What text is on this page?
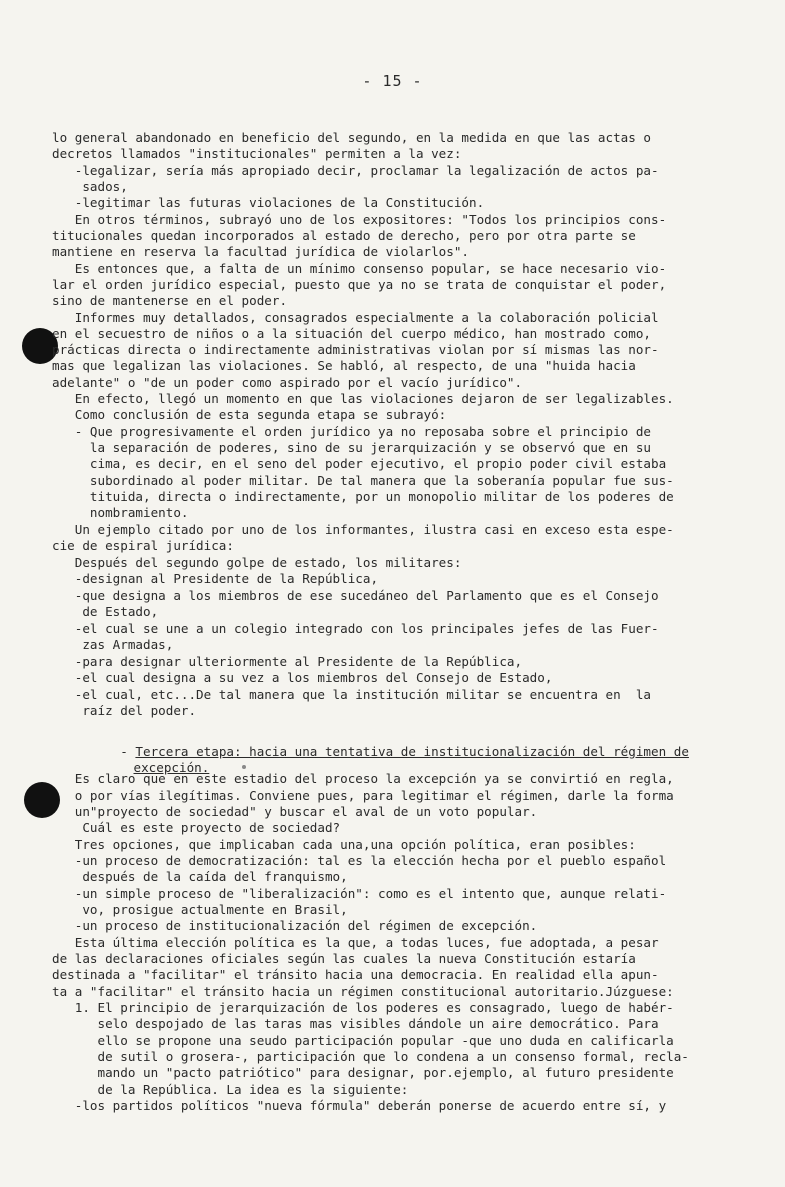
- 15 -
lo general abandonado en beneficio del segundo, en la medida en que las actas o
decretos llamados "institucionales" permiten a la vez:
-legalizar, sería más apropiado decir, proclamar la legalización de actos pa-
sados,
-legitimar las futuras violaciones de la Constitución.
En otros términos, subrayó uno de los expositores: "Todos los principios cons-
titucionales quedan incorporados al estado de derecho, pero por otra parte se
mantiene en reserva la facultad jurídica de violarlos".
Es entonces que, a falta de un mínimo consenso popular, se hace necesario vio-
lar el orden jurídico especial, puesto que ya no se trata de conquistar el poder,
sino de mantenerse en el poder.
Informes muy detallados, consagrados especialmente a la colaboración policial
en el secuestro de niños o a la situación del cuerpo médico, han mostrado como,
prácticas directa o indirectamente administrativas violan por sí mismas las nor-
mas que legalizan las violaciones. Se habló, al respecto, de una "huida hacia
adelante" o "de un poder como aspirado por el vacío jurídico".
En efecto, llegó un momento en que las violaciones dejaron de ser legalizables.
Como conclusión de esta segunda etapa se subrayó:
- Que progresivamente el orden jurídico ya no reposaba sobre el principio de
la separación de poderes, sino de su jerarquización y se observó que en su
cima, es decir, en el seno del poder ejecutivo, el propio poder civil estaba
subordinado al poder militar. De tal manera que la soberanía popular fue sus-
tituida, directa o indirectamente, por un monopolio militar de los poderes de
nombramiento.
Un ejemplo citado por uno de los informantes, ilustra casi en exceso esta espe-
cie de espiral jurídica:
Después del segundo golpe de estado, los militares:
-designan al Presidente de la República,
-que designa a los miembros de ese sucedáneo del Parlamento que es el Consejo
de Estado,
-el cual se une a un colegio integrado con los principales jefes de las Fuer-
zas Armadas,
-para designar ulteriormente al Presidente de la República,
-el cual designa a su vez a los miembros del Consejo de Estado,
-el cual, etc...De tal manera que la institución militar se encuentra en  la
raíz del poder.

- Tercera etapa: hacia una tentativa de institucionalización del régimen de

excepción.

Es claro que en este estadio del proceso la excepción ya se convirtió en regla,
o por vías ilegítimas. Conviene pues, para legitimar el régimen, darle la forma
un"proyecto de sociedad" y buscar el aval de un voto popular.
Cuál es este proyecto de sociedad?
Tres opciones, que implicaban cada una,una opción política, eran posibles:
-un proceso de democratización: tal es la elección hecha por el pueblo español
después de la caída del franquismo,
-un simple proceso de "liberalización": como es el intento que, aunque relati-
vo, prosigue actualmente en Brasil,
-un proceso de institucionalización del régimen de excepción.
Esta última elección política es la que, a todas luces, fue adoptada, a pesar
de las declaraciones oficiales según las cuales la nueva Constitución estaría
destinada a "facilitar" el tránsito hacia una democracia. En realidad ella apun-
ta a "facilitar" el tránsito hacia un régimen constitucional autoritario.Júzguese:
1. El principio de jerarquización de los poderes es consagrado, luego de habér-
selo despojado de las taras mas visibles dándole un aire democrático. Para
ello se propone una seudo participación popular -que uno duda en calificarla
de sutil o grosera-, participación que lo condena a un consenso formal, recla-
mando un "pacto patriótico" para designar, por.ejemplo, al futuro presidente
de la República. La idea es la siguiente:
-los partidos políticos "nueva fórmula" deberán ponerse de acuerdo entre sí, y
